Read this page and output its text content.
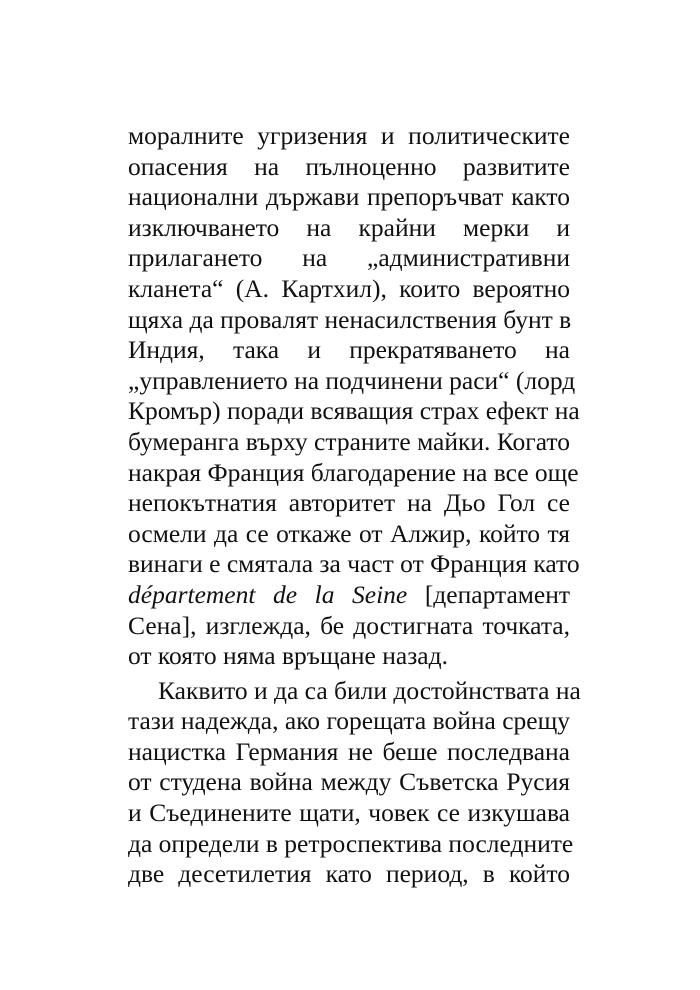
моралните угризения и политическите
опасения на пълноценно развитите
национални държави препоръчват както
изключването на крайни мерки и
прилагането на „административни
кланета“ (А. Картхил), които вероятно
щяха да провалят ненасилствения бунт в
Индия, така и прекратяването на
„управлението на подчинени раси“ (лорд
Кромър) поради всяващия страх ефект на
бумеранга върху страните майки. Когато
накрая Франция благодарение на все още
непокътнатия авторитет на Дьо Гол се
осмели да се откаже от Алжир, който тя
винаги е смятала за част от Франция като
département de la Seine [департамент
Сена], изглежда, бе достигната точката,
от която няма връщане назад.
Каквито и да са били достойнствата на
тази надежда, ако горещата война срещу
нацистка Германия не беше последвана
от студена война между Съветска Русия
и Съединените щати, човек се изкушава
да определи в ретроспектива последните
две десетилетия като период, в който
